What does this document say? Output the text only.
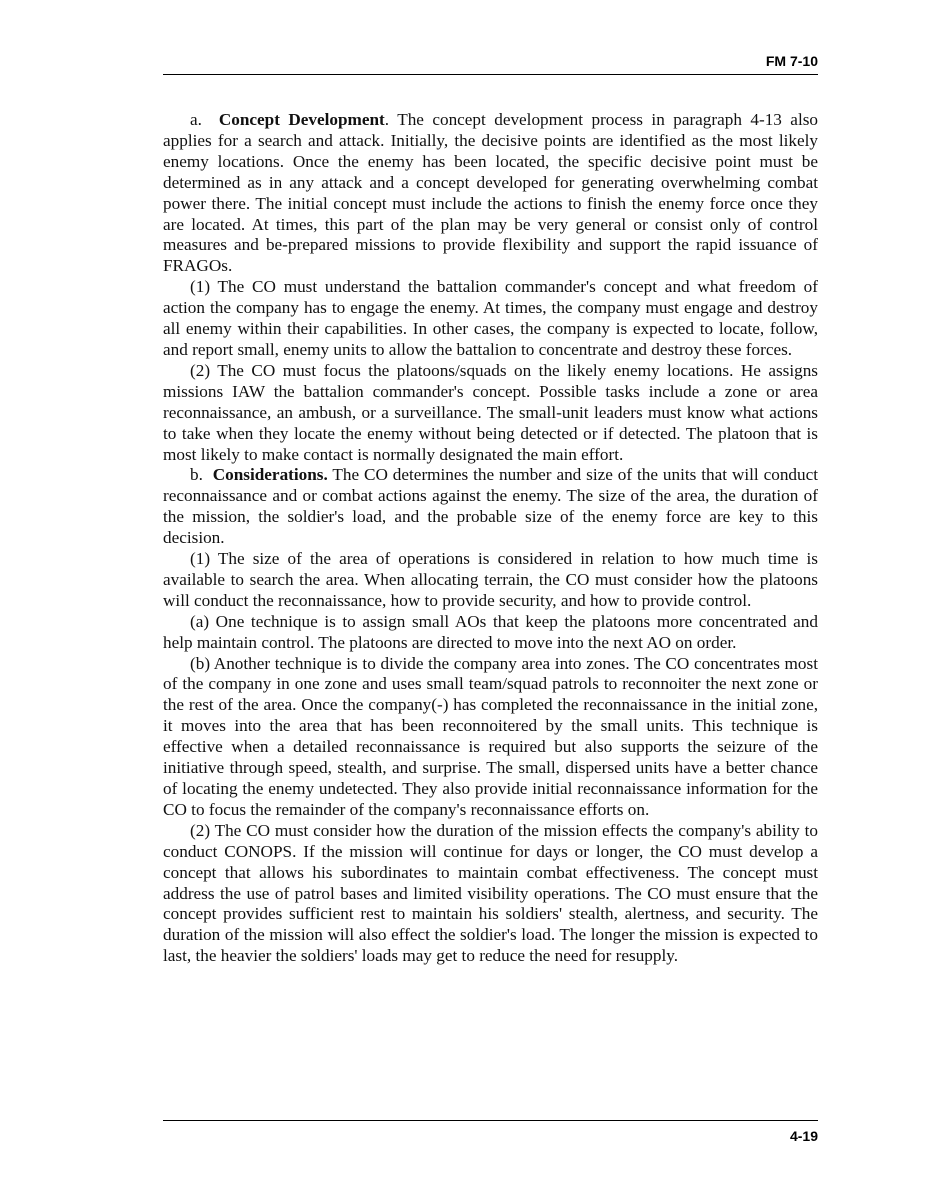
FM 7-10

a. Concept Development. The concept development process in paragraph 4-13 also applies for a search and attack. Initially, the decisive points are identified as the most likely enemy locations. Once the enemy has been located, the specific decisive point must be determined as in any attack and a concept developed for generating overwhelming combat power there. The initial concept must include the actions to finish the enemy force once they are located. At times, this part of the plan may be very general or consist only of control measures and be-prepared missions to provide flexibility and support the rapid issuance of FRAGOs.

(1) The CO must understand the battalion commander's concept and what freedom of action the company has to engage the enemy. At times, the company must engage and destroy all enemy within their capabilities. In other cases, the company is expected to locate, follow, and report small, enemy units to allow the battalion to concentrate and destroy these forces.

(2) The CO must focus the platoons/squads on the likely enemy locations. He assigns missions IAW the battalion commander's concept. Possible tasks include a zone or area reconnaissance, an ambush, or a surveillance. The small-unit leaders must know what actions to take when they locate the enemy without being detected or if detected. The platoon that is most likely to make contact is normally designated the main effort.

b. Considerations. The CO determines the number and size of the units that will conduct reconnaissance and or combat actions against the enemy. The size of the area, the duration of the mission, the soldier's load, and the probable size of the enemy force are key to this decision.

(1) The size of the area of operations is considered in relation to how much time is available to search the area. When allocating terrain, the CO must consider how the platoons will conduct the reconnaissance, how to provide security, and how to provide control.

(a) One technique is to assign small AOs that keep the platoons more concentrated and help maintain control. The platoons are directed to move into the next AO on order.

(b) Another technique is to divide the company area into zones. The CO concentrates most of the company in one zone and uses small team/squad patrols to reconnoiter the next zone or the rest of the area. Once the company(-) has completed the reconnaissance in the initial zone, it moves into the area that has been reconnoitered by the small units. This technique is effective when a detailed reconnaissance is required but also supports the seizure of the initiative through speed, stealth, and surprise. The small, dispersed units have a better chance of locating the enemy undetected. They also provide initial reconnaissance information for the CO to focus the remainder of the company's reconnaissance efforts on.

(2) The CO must consider how the duration of the mission effects the company's ability to conduct CONOPS. If the mission will continue for days or longer, the CO must develop a concept that allows his subordinates to maintain combat effectiveness. The concept must address the use of patrol bases and limited visibility operations. The CO must ensure that the concept provides sufficient rest to maintain his soldiers' stealth, alertness, and security. The duration of the mission will also effect the soldier's load. The longer the mission is expected to last, the heavier the soldiers' loads may get to reduce the need for resupply.

4-19
